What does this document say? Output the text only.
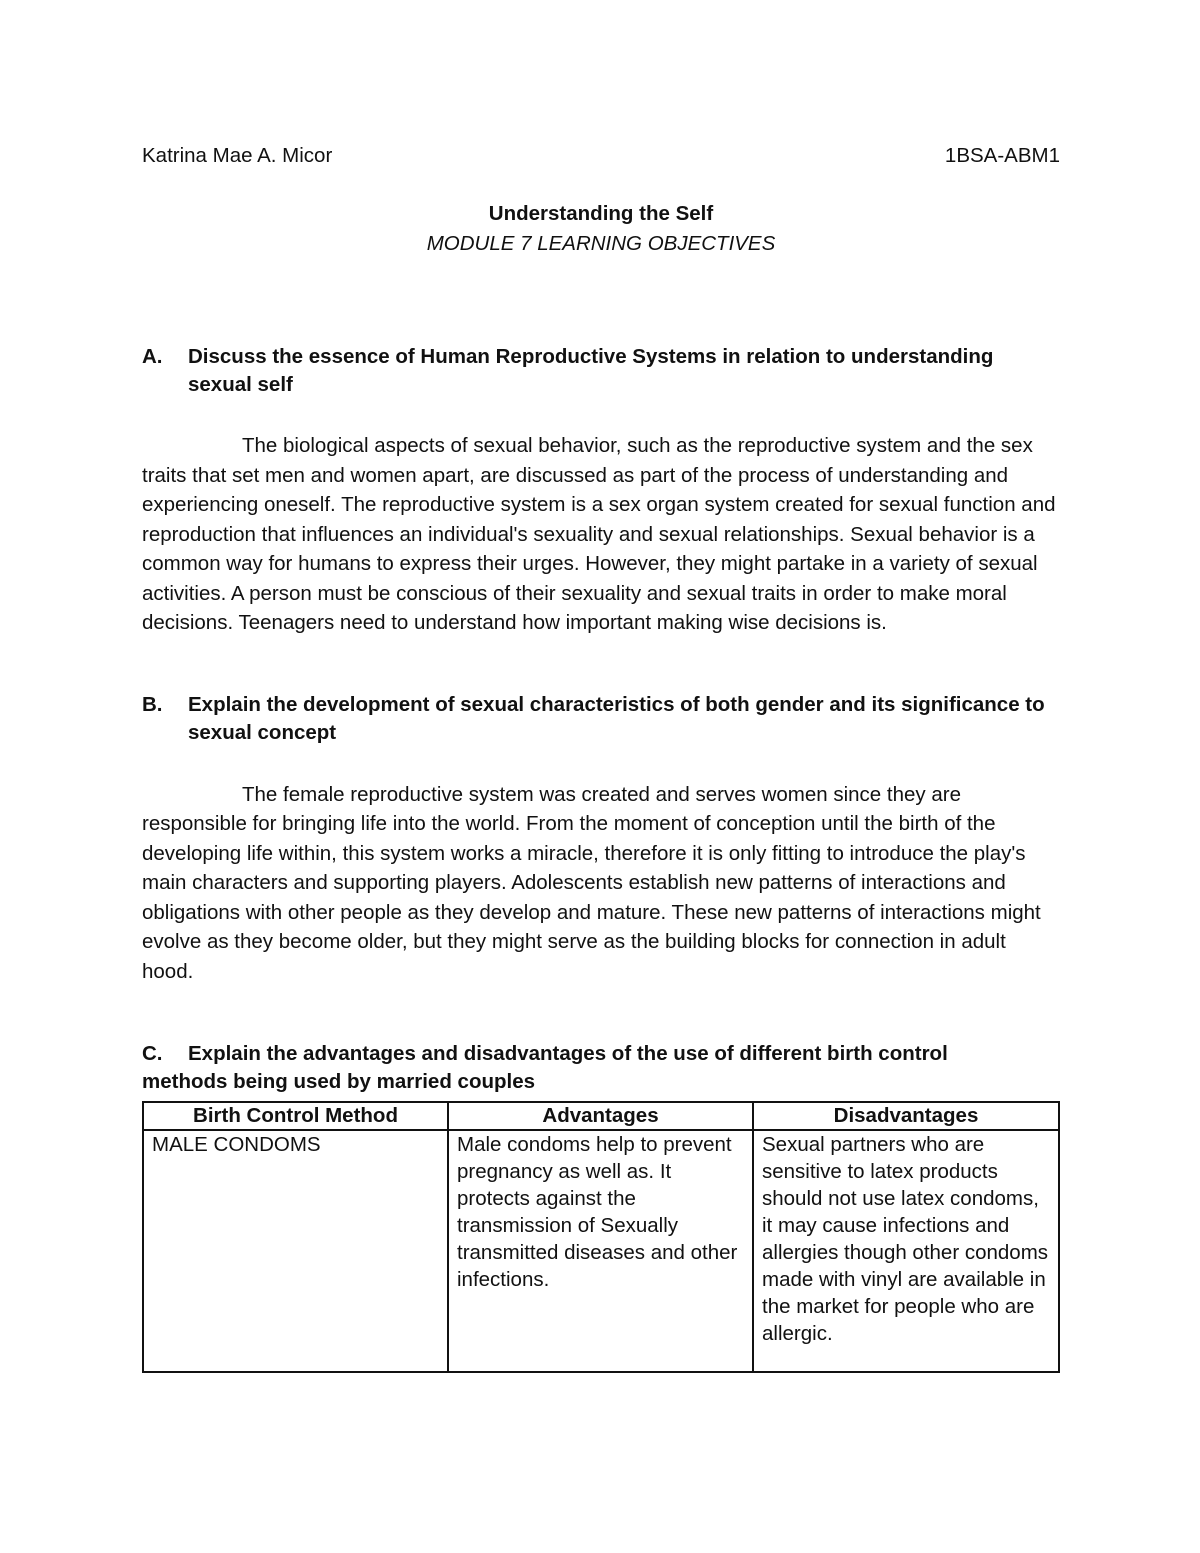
Katrina Mae A. Micor	1BSA-ABM1
Understanding the Self
MODULE 7 LEARNING OBJECTIVES
A.	Discuss the essence of Human Reproductive Systems in relation to understanding sexual self

The biological aspects of sexual behavior, such as the reproductive system and the sex traits that set men and women apart, are discussed as part of the process of understanding and experiencing oneself. The reproductive system is a sex organ system created for sexual function and reproduction that influences an individual's sexuality and sexual relationships. Sexual behavior is a common way for humans to express their urges. However, they might partake in a variety of sexual activities. A person must be conscious of their sexuality and sexual traits in order to make moral decisions. Teenagers need to understand how important making wise decisions is.

B.	Explain the development of sexual characteristics of both gender and its significance to sexual concept

The female reproductive system was created and serves women since they are responsible for bringing life into the world. From the moment of conception until the birth of the developing life within, this system works a miracle, therefore it is only fitting to introduce the play's main characters and supporting players. Adolescents establish new patterns of interactions and obligations with other people as they develop and mature. These new patterns of interactions might evolve as they become older, but they might serve as the building blocks for connection in adult hood.

C.	Explain the advantages and disadvantages of the use of different birth control
methods being used by married couples
Birth Control Method	Advantages	Disadvantages
MALE CONDOMS	Male condoms help to prevent pregnancy as well as. It protects against the transmission of Sexually transmitted diseases and other infections.	Sexual partners who are sensitive to latex products should not use latex condoms, it may cause infections and allergies though other condoms made with vinyl are available in the market for people who are allergic.
